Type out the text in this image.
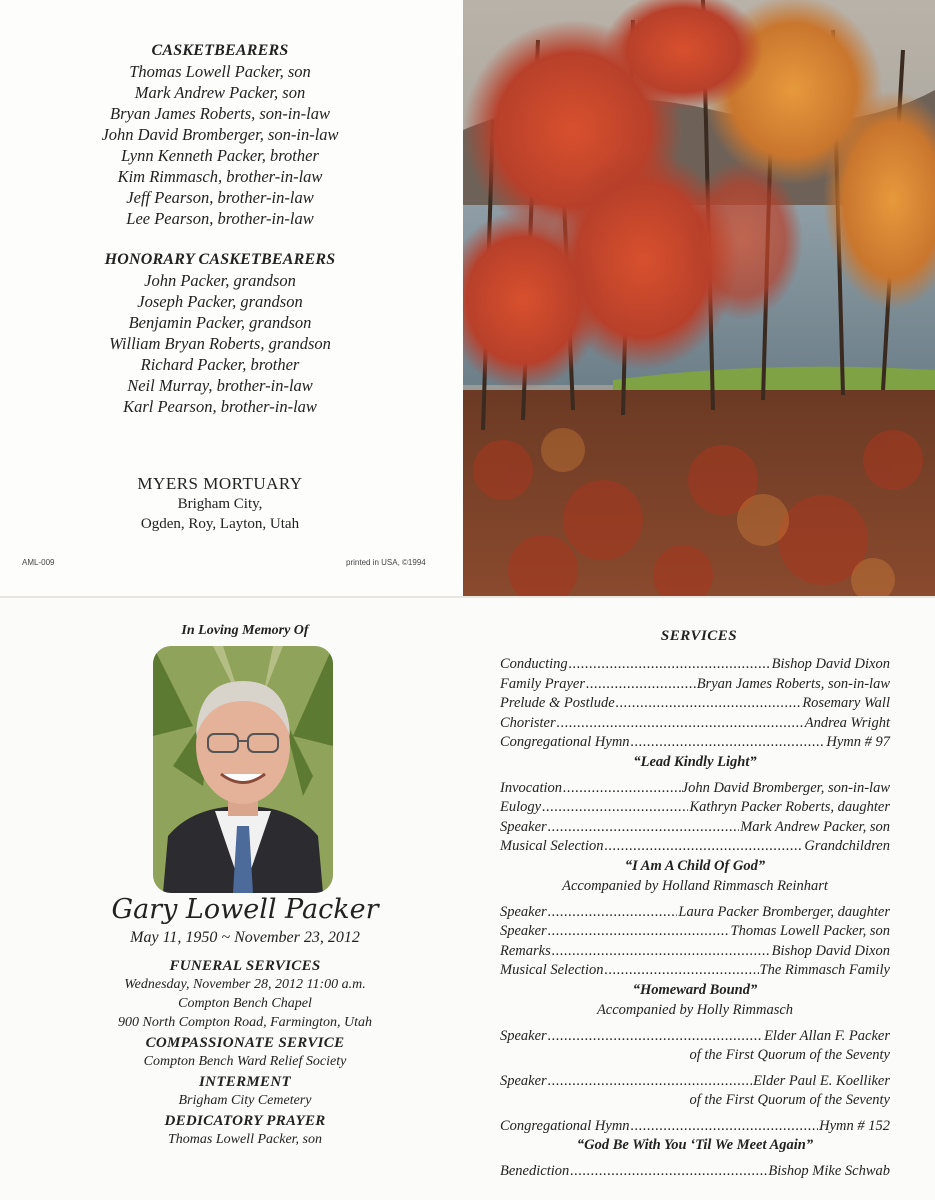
CASKETBEARERS
Thomas Lowell Packer, son
Mark Andrew Packer, son
Bryan James Roberts, son-in-law
John David Bromberger, son-in-law
Lynn Kenneth Packer, brother
Kim Rimmasch, brother-in-law
Jeff Pearson, brother-in-law
Lee Pearson, brother-in-law
HONORARY CASKETBEARERS
John Packer, grandson
Joseph Packer, grandson
Benjamin Packer, grandson
William Bryan Roberts, grandson
Richard Packer, brother
Neil Murray, brother-in-law
Karl Pearson, brother-in-law
MYERS MORTUARY
Brigham City,
Ogden, Roy, Layton, Utah
AML-009	printed in USA, ©1994
In Loving Memory Of
Gary Lowell Packer
May 11, 1950 ~ November 23, 2012
FUNERAL SERVICES
Wednesday, November 28, 2012 11:00 a.m.
Compton Bench Chapel
900 North Compton Road, Farmington, Utah
COMPASSIONATE SERVICE
Compton Bench Ward Relief Society
INTERMENT
Brigham City Cemetery
DEDICATORY PRAYER
Thomas Lowell Packer, son
SERVICES
Conducting .....	Bishop David Dixon
Family Prayer .....	Bryan James Roberts, son-in-law
Prelude & Postlude .....	Rosemary Wall
Chorister .....	Andrea Wright
Congregational Hymn .....	Hymn # 97
“Lead Kindly Light”
Invocation .....	John David Bromberger, son-in-law
Eulogy .....	Kathryn Packer Roberts, daughter
Speaker .....	Mark Andrew Packer, son
Musical Selection .....	Grandchildren
“I Am A Child Of God”
Accompanied by Holland Rimmasch Reinhart
Speaker .....	Laura Packer Bromberger, daughter
Speaker .....	Thomas Lowell Packer, son
Remarks .....	Bishop David Dixon
Musical Selection .....	The Rimmasch Family
“Homeward Bound”
Accompanied by Holly Rimmasch
Speaker .....	Elder Allan F. Packer
of the First Quorum of the Seventy
Speaker .....	Elder Paul E. Koelliker
of the First Quorum of the Seventy
Congregational Hymn .....	Hymn # 152
“God Be With You ‘Til We Meet Again”
Benediction .....	Bishop Mike Schwab
